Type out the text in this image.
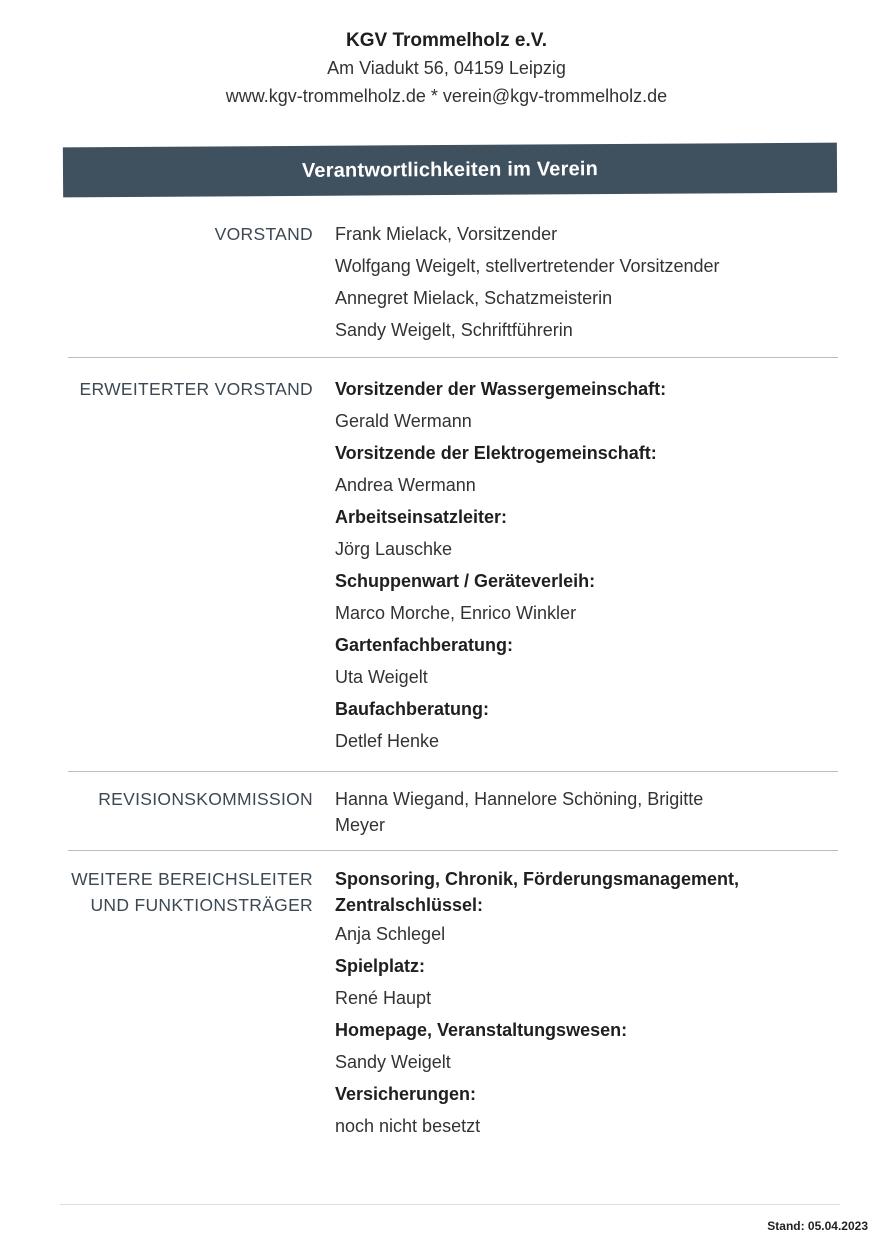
KGV Trommelholz e.V.
Am Viadukt 56, 04159 Leipzig
www.kgv-trommelholz.de * verein@kgv-trommelholz.de
Verantwortlichkeiten im Verein
VORSTAND Frank Mielack, Vorsitzender
Wolfgang Weigelt, stellvertretender Vorsitzender
Annegret Mielack, Schatzmeisterin
Sandy Weigelt, Schriftführerin
ERWEITERTER VORSTAND Vorsitzender der Wassergemeinschaft:
Gerald Wermann
Vorsitzende der Elektrogemeinschaft:
Andrea Wermann
Arbeitseinsatzleiter:
Jörg Lauschke
Schuppenwart / Geräteverleih:
Marco Morche, Enrico Winkler
Gartenfachberatung:
Uta Weigelt
Baufachberatung:
Detlef Henke
REVISIONSKOMMISSION Hanna Wiegand, Hannelore Schöning, Brigitte
Meyer
WEITERE BEREICHSLEITER
UND FUNKTIONSTRÄGER
Sponsoring, Chronik, Förderungsmanagement,
Zentralschlüssel:
Anja Schlegel
Spielplatz:
René Haupt
Homepage, Veranstaltungswesen:
Sandy Weigelt
Versicherungen:
noch nicht besetzt
Stand: 05.04.2023
